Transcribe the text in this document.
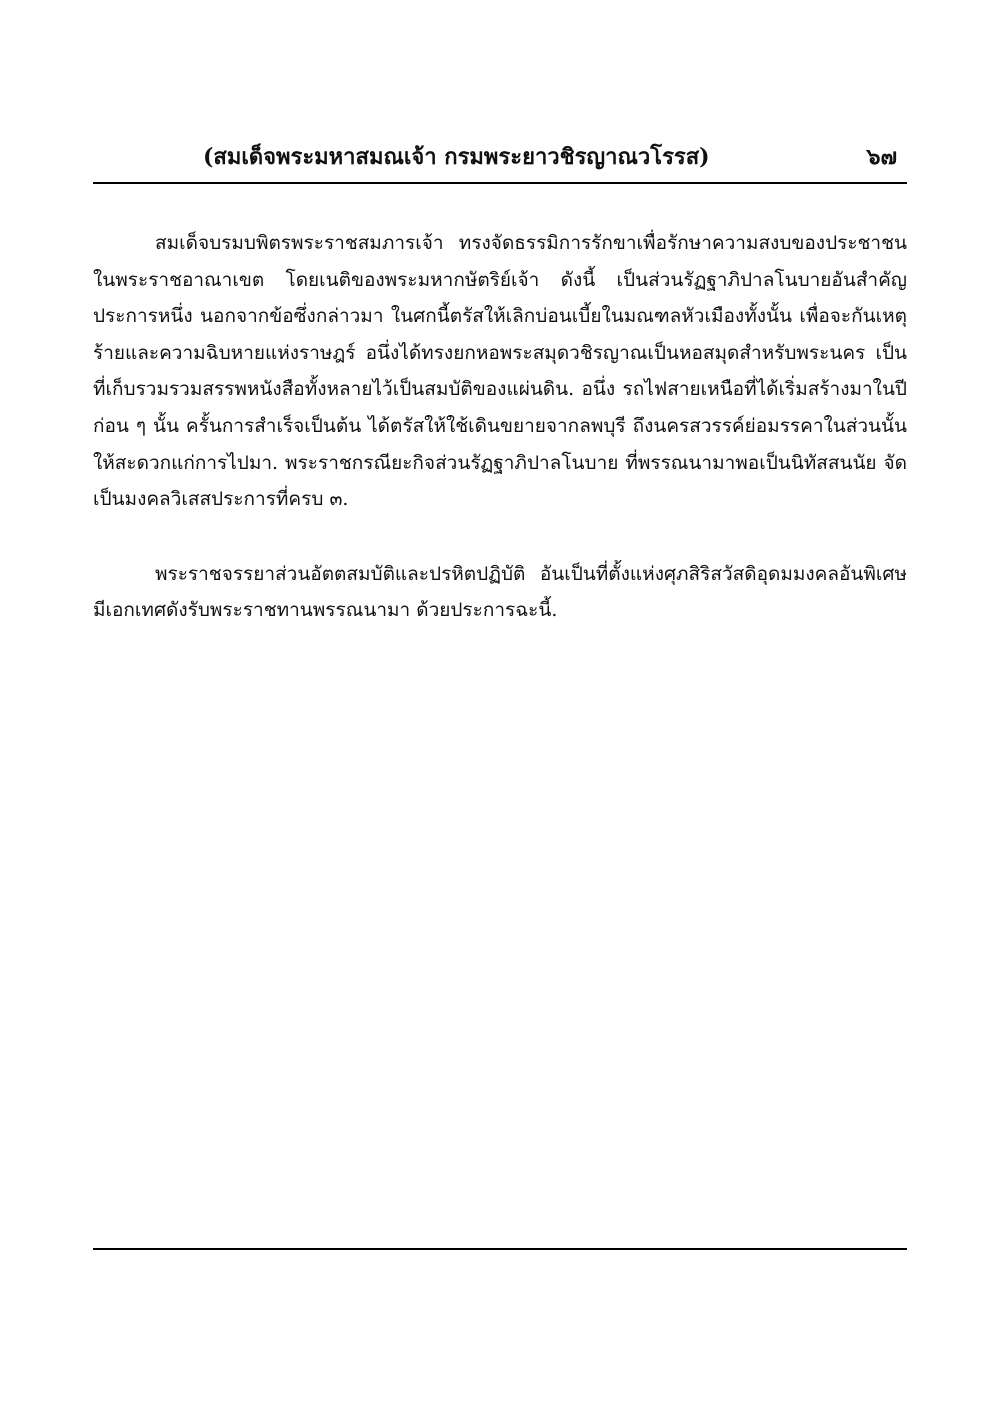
(สมเด็จพระมหาสมณเจ้า กรมพระยาวชิรญาณวโรรส)	๖๗

สมเด็จบรมบพิตรพระราชสมภารเจ้า ทรงจัดธรรมิการรักขาเพื่อรักษาความสงบของประชาชนในพระราชอาณาเขต โดยเนติของพระมหากษัตริย์เจ้า ดังนี้ เป็นส่วนรัฏฐาภิปาลโนบายอันสำคัญประการหนึ่ง นอกจากข้อซึ่งกล่าวมา ในศกนี้ตรัสให้เลิกบ่อนเบี้ยในมณฑลหัวเมืองทั้งนั้น เพื่อจะกันเหตุร้ายและความฉิบหายแห่งราษฎร์ อนึ่งได้ทรงยกหอพระสมุดวชิรญาณเป็นหอสมุดสำหรับพระนคร เป็นที่เก็บรวมรวมสรรพหนังสือทั้งหลายไว้เป็นสมบัติของแผ่นดิน. อนึ่ง รถไฟสายเหนือที่ได้เริ่มสร้างมาในปีก่อน ๆ นั้น ครั้นการสำเร็จเป็นต้น ได้ตรัสให้ใช้เดินขยายจากลพบุรี ถึงนครสวรรค์ย่อมรรคาในส่วนนั้น ให้สะดวกแก่การไปมา. พระราชกรณียะกิจส่วนรัฏฐาภิปาลโนบาย ที่พรรณนามาพอเป็นนิทัสสนนัย จัดเป็นมงคลวิเสสประการที่ครบ ๓.

พระราชจรรยาส่วนอัตตสมบัติและปรหิตปฏิบัติ อันเป็นที่ตั้งแห่งศุภสิริสวัสดิอุดมมงคลอันพิเศษ มีเอกเทศดังรับพระราชทานพรรณนามา ด้วยประการฉะนี้.
